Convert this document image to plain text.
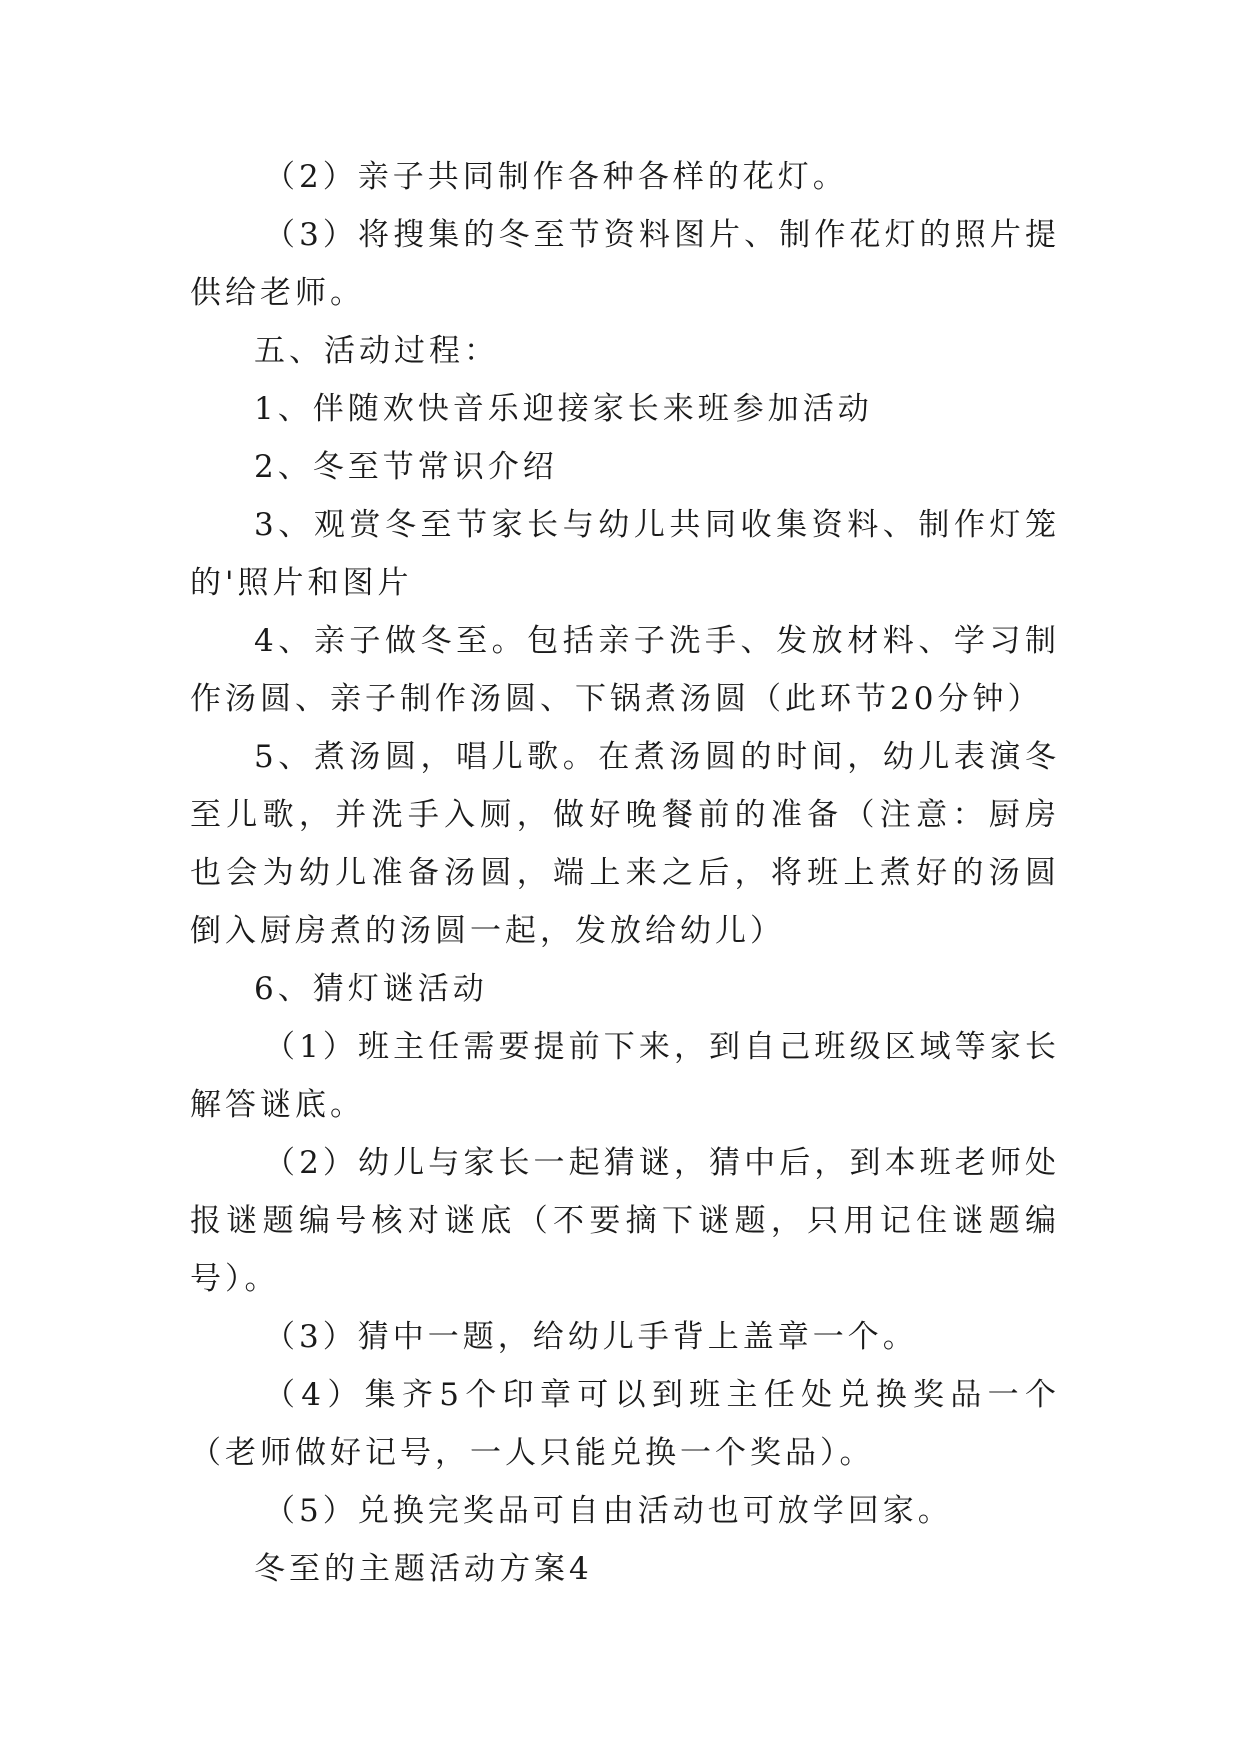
（2）亲子共同制作各种各样的花灯。

（3）将搜集的冬至节资料图片、制作花灯的照片提供给老师。

五、活动过程：

1、伴随欢快音乐迎接家长来班参加活动

2、冬至节常识介绍

3、观赏冬至节家长与幼儿共同收集资料、制作灯笼的'照片和图片

4、亲子做冬至。包括亲子洗手、发放材料、学习制作汤圆、亲子制作汤圆、下锅煮汤圆（此环节20分钟）

5、煮汤圆，唱儿歌。在煮汤圆的时间，幼儿表演冬至儿歌，并洗手入厕，做好晚餐前的准备（注意：厨房也会为幼儿准备汤圆，端上来之后，将班上煮好的汤圆倒入厨房煮的汤圆一起，发放给幼儿）

6、猜灯谜活动

（1）班主任需要提前下来，到自己班级区域等家长解答谜底。

（2）幼儿与家长一起猜谜，猜中后，到本班老师处报谜题编号核对谜底（不要摘下谜题，只用记住谜题编号）。

（3）猜中一题，给幼儿手背上盖章一个。

（4）集齐5个印章可以到班主任处兑换奖品一个（老师做好记号，一人只能兑换一个奖品）。

（5）兑换完奖品可自由活动也可放学回家。

冬至的主题活动方案4
